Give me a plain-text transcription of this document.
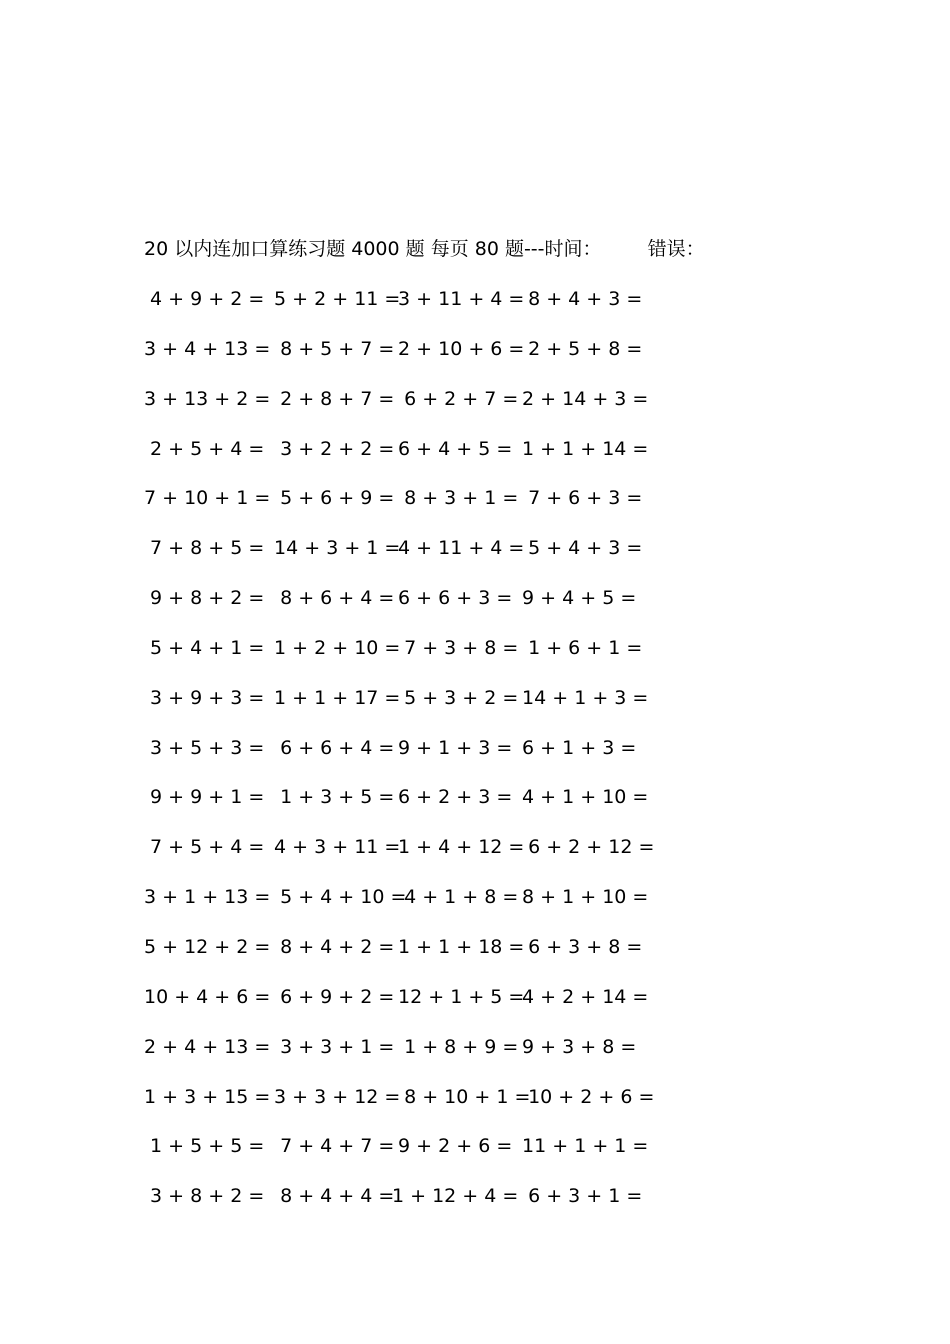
20 以内连加口算练习题 4000 题 每页 80 题---时间： 错误：
4 + 9 + 2 = 5 + 2 + 11 = 3 + 11 + 4 =  8 + 4 + 3 =
3 + 4 + 13 =  8 + 5 + 7 = 2 + 10 + 6 =  2 + 5 + 8 =
3 + 13 + 2 =  2 + 8 + 7 =  6 + 2 + 7 = 2 + 14 + 3 =
2 + 5 + 4 =  3 + 2 + 2 = 6 + 4 + 5 = 1 + 1 + 14 =
7 + 10 + 1 =  5 + 6 + 9 =  8 + 3 + 1 =  7 + 6 + 3 =
7 + 8 + 5 = 14 + 3 + 1 = 4 + 11 + 4 =  5 + 4 + 3 =
9 + 8 + 2 =  8 + 6 + 4 = 6 + 6 + 3 = 9 + 4 + 5 =
5 + 4 + 1 = 1 + 2 + 10 =  7 + 3 + 8 =  1 + 6 + 1 =
3 + 9 + 3 = 1 + 1 + 17 =  5 + 3 + 2 = 14 + 1 + 3 =
3 + 5 + 3 =  6 + 6 + 4 = 9 + 1 + 3 = 6 + 1 + 3 =
9 + 9 + 1 =  1 + 3 + 5 = 6 + 2 + 3 = 4 + 1 + 10 =
7 + 5 + 4 = 4 + 3 + 11 = 1 + 4 + 12 =  6 + 2 + 12 =
3 + 1 + 13 =  5 + 4 + 10 =  4 + 1 + 8 = 8 + 1 + 10 =
5 + 12 + 2 =  8 + 4 + 2 = 1 + 1 + 18 =  6 + 3 + 8 =
10 + 4 + 6 =  6 + 9 + 2 = 12 + 1 + 5 = 4 + 2 + 14 =
2 + 4 + 13 =  3 + 3 + 1 =  1 + 8 + 9 = 9 + 3 + 8 =
1 + 3 + 15 = 3 + 3 + 12 =  8 + 10 + 1 =  10 + 2 + 6 =
1 + 5 + 5 =  7 + 4 + 7 = 9 + 2 + 6 = 11 + 1 + 1 =
3 + 8 + 2 =  8 + 4 + 4 =1 + 12 + 4 =  6 + 3 + 1 =
